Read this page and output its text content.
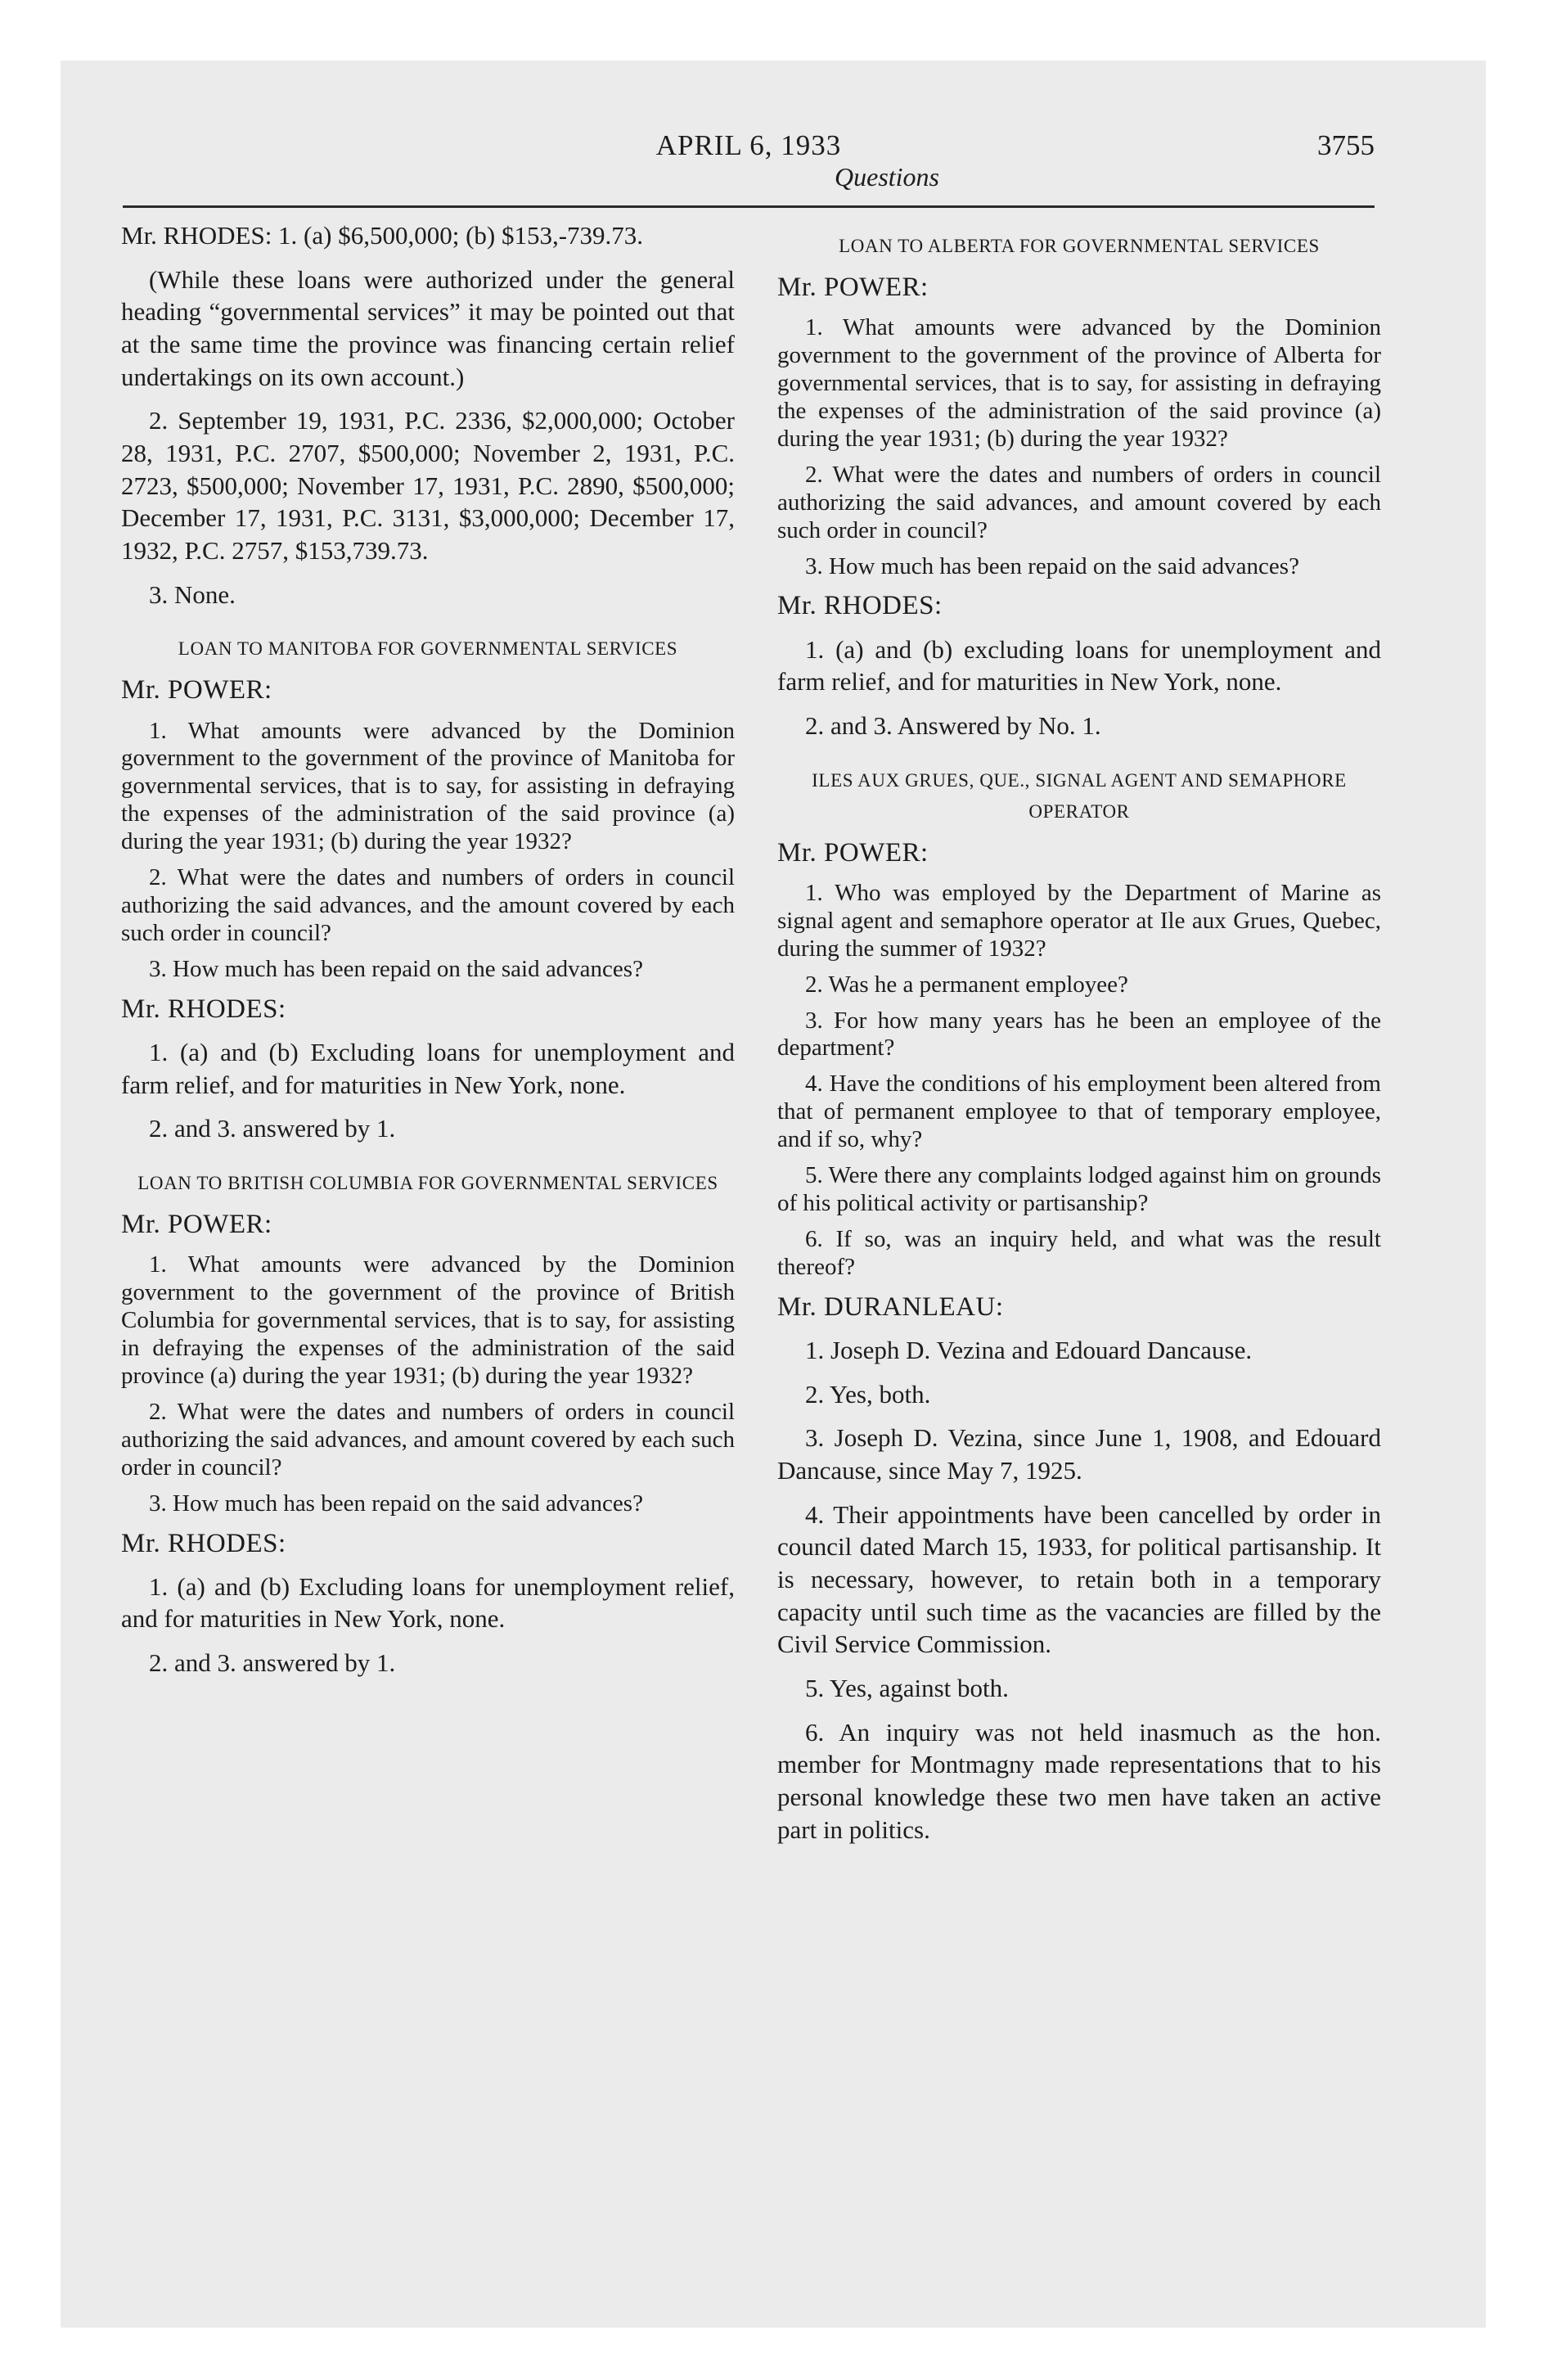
APRIL 6, 1933
Questions
3755

Mr. RHODES: 1. (a) $6,500,000; (b) $153,-739.73.

(While these loans were authorized under the general heading “governmental services” it may be pointed out that at the same time the province was financing certain relief undertakings on its own account.)

2. September 19, 1931, P.C. 2336, $2,000,000; October 28, 1931, P.C. 2707, $500,000; November 2, 1931, P.C. 2723, $500,000; November 17, 1931, P.C. 2890, $500,000; December 17, 1931, P.C. 3131, $3,000,000; December 17, 1932, P.C. 2757, $153,739.73.

3. None.

LOAN TO MANITOBA FOR GOVERNMENTAL SERVICES

Mr. POWER:

1. What amounts were advanced by the Dominion government to the government of the province of Manitoba for governmental services, that is to say, for assisting in defraying the expenses of the administration of the said province (a) during the year 1931; (b) during the year 1932?

2. What were the dates and numbers of orders in council authorizing the said advances, and the amount covered by each such order in council?

3. How much has been repaid on the said advances?

Mr. RHODES:

1. (a) and (b) Excluding loans for unemployment and farm relief, and for maturities in New York, none.

2. and 3. answered by 1.

LOAN TO BRITISH COLUMBIA FOR GOVERNMENTAL SERVICES

Mr. POWER:

1. What amounts were advanced by the Dominion government to the government of the province of British Columbia for governmental services, that is to say, for assisting in defraying the expenses of the administration of the said province (a) during the year 1931; (b) during the year 1932?

2. What were the dates and numbers of orders in council authorizing the said advances, and amount covered by each such order in council?

3. How much has been repaid on the said advances?

Mr. RHODES:

1. (a) and (b) Excluding loans for unemployment relief, and for maturities in New York, none.

2. and 3. answered by 1.

LOAN TO ALBERTA FOR GOVERNMENTAL SERVICES

Mr. POWER:

1. What amounts were advanced by the Dominion government to the government of the province of Alberta for governmental services, that is to say, for assisting in defraying the expenses of the administration of the said province (a) during the year 1931; (b) during the year 1932?

2. What were the dates and numbers of orders in council authorizing the said advances, and amount covered by each such order in council?

3. How much has been repaid on the said advances?

Mr. RHODES:

1. (a) and (b) excluding loans for unemployment and farm relief, and for maturities in New York, none.

2. and 3. Answered by No. 1.

ILES AUX GRUES, QUE., SIGNAL AGENT AND SEMAPHORE OPERATOR

Mr. POWER:

1. Who was employed by the Department of Marine as signal agent and semaphore operator at Ile aux Grues, Quebec, during the summer of 1932?

2. Was he a permanent employee?

3. For how many years has he been an employee of the department?

4. Have the conditions of his employment been altered from that of permanent employee to that of temporary employee, and if so, why?

5. Were there any complaints lodged against him on grounds of his political activity or partisanship?

6. If so, was an inquiry held, and what was the result thereof?

Mr. DURANLEAU:

1. Joseph D. Vezina and Edouard Dancause.

2. Yes, both.

3. Joseph D. Vezina, since June 1, 1908, and Edouard Dancause, since May 7, 1925.

4. Their appointments have been cancelled by order in council dated March 15, 1933, for political partisanship. It is necessary, however, to retain both in a temporary capacity until such time as the vacancies are filled by the Civil Service Commission.

5. Yes, against both.

6. An inquiry was not held inasmuch as the hon. member for Montmagny made representations that to his personal knowledge these two men have taken an active part in politics.
